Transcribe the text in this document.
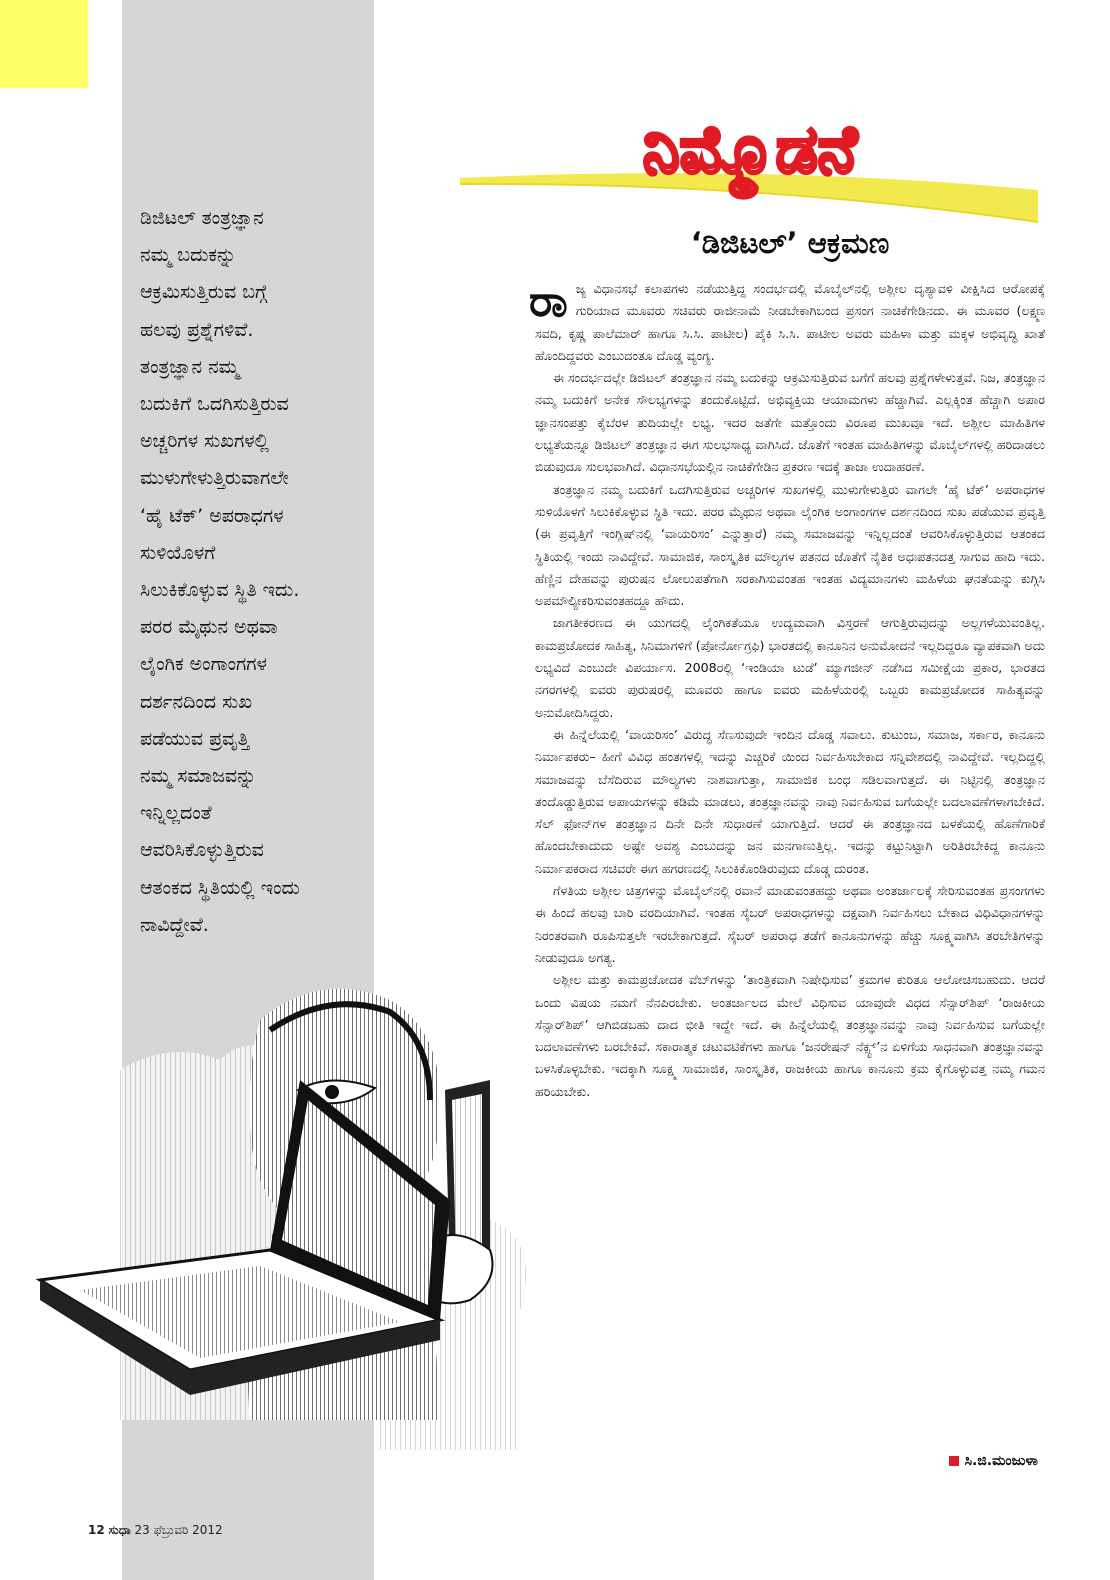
ಡಿಜಿಟಲ್ ತಂತ್ರಜ್ಞಾನ
ನಮ್ಮ ಬದುಕನ್ನು
ಆಕ್ರಮಿಸುತ್ತಿರುವ ಬಗ್ಗೆ
ಹಲವು ಪ್ರಶ್ನೆಗಳಿವೆ.
ತಂತ್ರಜ್ಞಾನ ನಮ್ಮ
ಬದುಕಿಗೆ ಒದಗಿಸುತ್ತಿರುವ
ಅಚ್ಚರಿಗಳ ಸುಖಗಳಲ್ಲಿ
ಮುಳುಗೇಳುತ್ತಿರುವಾಗಲೇ
‘ಹೈ ಟೆಕ್’ ಅಪರಾಧಗಳ
ಸುಳಿಯೊಳಗೆ
ಸಿಲುಕಿಕೊಳ್ಳುವ ಸ್ಥಿತಿ ಇದು.
ಪರರ ಮೈಥುನ ಅಥವಾ
ಲೈಂಗಿಕ ಅಂಗಾಂಗಗಳ
ದರ್ಶನದಿಂದ ಸುಖ
ಪಡೆಯುವ ಪ್ರವೃತ್ತಿ
ನಮ್ಮ ಸಮಾಜವನ್ನು
ಇನ್ನಿಲ್ಲದಂತೆ
ಆವರಿಸಿಕೊಳ್ಳುತ್ತಿರುವ
ಆತಂಕದ ಸ್ಥಿತಿಯಲ್ಲಿ ಇಂದು
ನಾವಿದ್ದೇವೆ.
ನಿಮ್ಮೊಡನೆ
‘ಡಿಜಿಟಲ್’ ಆಕ್ರಮಣ

ರಾಜ್ಯ ವಿಧಾನಸಭೆ ಕಲಾಪಗಳು ನಡೆಯುತ್ತಿದ್ದ ಸಂದರ್ಭದಲ್ಲಿ ಮೊಬೈಲ್‌ನಲ್ಲಿ ಅಶ್ಲೀಲ ದೃಶ್ಯಾವಳಿ ವೀಕ್ಷಿಸಿದ ಆರೋಪಕ್ಕೆ ಗುರಿಯಾದ ಮೂವರು ಸಚಿವರು ರಾಜೀನಾಮೆ ನೀಡಬೇಕಾಗಿಬಂದ ಪ್ರಸಂಗ ನಾಚಿಕೆಗೇಡಿನದು. ಈ ಮೂವರ (ಲಕ್ಷ್ಮಣ ಸವದಿ, ಕೃಷ್ಣ ಪಾಲೆಮಾರ್ ಹಾಗೂ ಸಿ.ಸಿ. ಪಾಟೀಲ) ಪೈಕಿ ಸಿ.ಸಿ. ಪಾಟೀಲ ಅವರು ಮಹಿಳಾ ಮತ್ತು ಮಕ್ಕಳ ಅಭಿವೃದ್ಧಿ ಖಾತೆ ಹೊಂದಿದ್ದವರು ಎಂಬುದಂತೂ ದೊಡ್ಡ ವ್ಯಂಗ್ಯ.

ಈ ಸಂದರ್ಭದಲ್ಲೇ ಡಿಜಿಟಲ್ ತಂತ್ರಜ್ಞಾನ ನಮ್ಮ ಬದುಕನ್ನು ಆಕ್ರಮಿಸುತ್ತಿರುವ ಬಗೆಗೆ ಹಲವು ಪ್ರಶ್ನೆಗಳೇಳುತ್ತವೆ. ನಿಜ, ತಂತ್ರಜ್ಞಾನ ನಮ್ಮ ಬದುಕಿಗೆ ಅನೇಕ ಸೌಲಭ್ಯಗಳನ್ನು ತಂದುಕೊಟ್ಟಿದೆ. ಅಭಿವ್ಯಕ್ತಿಯ ಆಯಾಮಗಳು ಹೆಚ್ಚಾಗಿವೆ. ಎಲ್ಲಕ್ಕಿಂತ ಹೆಚ್ಚಾಗಿ ಅಪಾರ ಜ್ಞಾನಸಂಪತ್ತು ಕೈಬೆರಳ ತುದಿಯಲ್ಲೇ ಲಭ್ಯ. ಇದರ ಜತೆಗೇ ಮತ್ತೊಂದು ವಿರೂಪ ಮುಖವೂ ಇದೆ. ಅಶ್ಲೀಲ ಮಾಹಿತಿಗಳ ಲಭ್ಯತೆಯನ್ನೂ ಡಿಜಿಟಲ್ ತಂತ್ರಜ್ಞಾನ ಈಗ ಸುಲಭಸಾಧ್ಯ ವಾಗಿಸಿದೆ. ಜೊತೆಗೆ ಇಂತಹ ಮಾಹಿತಿಗಳನ್ನು ಮೊಬೈಲ್‌ಗಳಲ್ಲಿ ಹರಿದಾಡಲು ಬಿಡುವುದೂ ಸುಲಭವಾಗಿದೆ. ವಿಧಾನಸಭೆಯಲ್ಲಿನ ನಾಚಿಕೆಗೇಡಿನ ಪ್ರಕರಣ ಇದಕ್ಕೆ ತಾಜಾ ಉದಾಹರಣೆ.

ತಂತ್ರಜ್ಞಾನ ನಮ್ಮ ಬದುಕಿಗೆ ಒದಗಿಸುತ್ತಿರುವ ಅಚ್ಚರಿಗಳ ಸುಖಗಳಲ್ಲಿ ಮುಳುಗೇಳುತ್ತಿರು ವಾಗಲೇ ‘ಹೈ ಟೆಕ್’ ಅಪರಾಧಗಳ ಸುಳಿಯೊಳಗೆ ಸಿಲುಕಿಕೊಳ್ಳುವ ಸ್ಥಿತಿ ಇದು. ಪರರ ಮೈಥುನ ಅಥವಾ ಲೈಂಗಿಕ ಅಂಗಾಂಗಗಳ ದರ್ಶನದಿಂದ ಸುಖ ಪಡೆಯುವ ಪ್ರವೃತ್ತಿ (ಈ ಪ್ರವೃತ್ತಿಗೆ ಇಂಗ್ಲಿಷ್‌ನಲ್ಲಿ ‘ವಾಯರಿಸಂ’ ಎನ್ನುತ್ತಾರೆ) ನಮ್ಮ ಸಮಾಜವನ್ನು ಇನ್ನಿಲ್ಲದಂತೆ ಆವರಿಸಿಕೊಳ್ಳುತ್ತಿರುವ ಆತಂಕದ ಸ್ಥಿತಿಯಲ್ಲಿ ಇಂದು ನಾವಿದ್ದೇವೆ. ಸಾಮಾಜಿಕ, ಸಾಂಸ್ಕೃತಿಕ ಮೌಲ್ಯಗಳ ಪತನದ ಜೊತೆಗೆ ನೈತಿಕ ಅಧಃಪತನದತ್ತ ಸಾಗುವ ಹಾದಿ ಇದು. ಹೆಣ್ಣಿನ ದೇಹವನ್ನು ಪುರುಷನ ಲೋಲುಪತೆಗಾಗಿ ಸರಕಾಗಿಸುವಂತಹ ಇಂತಹ ವಿದ್ಯಮಾನಗಳು ಮಹಿಳೆಯ ಘನತೆಯನ್ನು ಕುಗ್ಗಿಸಿ ಅಪಮೌಲ್ಯೀಕರಿಸುವಂತಹದ್ದೂ ಹೌದು.

ಜಾಗತೀಕರಣದ ಈ ಯುಗದಲ್ಲಿ ಲೈಂಗಿಕತೆಯೂ ಉದ್ಯಮವಾಗಿ ವಿಸ್ತರಣೆ ಆಗುತ್ತಿರುವುದನ್ನು ಅಲ್ಲಗಳೆಯುವಂತಿಲ್ಲ. ಕಾಮಪ್ರಚೋದಕ ಸಾಹಿತ್ಯ, ಸಿನಿಮಾಗಳಿಗೆ (ಪೋರ್ನೋಗ್ರಫಿ) ಭಾರತದಲ್ಲಿ ಕಾನೂನಿನ ಅನುಮೋದನೆ ಇಲ್ಲದಿದ್ದರೂ ವ್ಯಾಪಕವಾಗಿ ಅದು ಲಭ್ಯವಿದೆ ಎಂಬುದೇ ವಿಪರ್ಯಾಸ. 2008ರಲ್ಲಿ ‘ಇಂಡಿಯಾ ಟುಡೆ’ ಮ್ಯಾಗಜೀನ್ ನಡೆಸಿದ ಸಮೀಕ್ಷೆಯ ಪ್ರಕಾರ, ಭಾರತದ ನಗರಗಳಲ್ಲಿ ಐವರು ಪುರುಷರಲ್ಲಿ ಮೂವರು ಹಾಗೂ ಐವರು ಮಹಿಳೆಯರಲ್ಲಿ ಒಬ್ಬರು ಕಾಮಪ್ರಚೋದಕ ಸಾಹಿತ್ಯವನ್ನು ಅನುಮೋದಿಸಿದ್ದರು.

ಈ ಹಿನ್ನೆಲೆಯಲ್ಲಿ ‘ವಾಯರಿಸಂ’ ವಿರುದ್ಧ ಸೆಣಸುವುದೇ ಇಂದಿನ ದೊಡ್ಡ ಸವಾಲು. ಕುಟುಂಬ, ಸಮಾಜ, ಸರ್ಕಾರ, ಕಾನೂನು ನಿರ್ಮಾಪಕರು– ಹೀಗೆ ವಿವಿಧ ಹಂತಗಳಲ್ಲಿ ಇದನ್ನು ಎಚ್ಚರಿಕೆ ಯಿಂದ ನಿರ್ವಹಿಸಬೇಕಾದ ಸನ್ನಿವೇಶದಲ್ಲಿ ನಾವಿದ್ದೇವೆ. ಇಲ್ಲದಿದ್ದಲ್ಲಿ ಸಮಾಜವನ್ನು ಬೆಸೆದಿರುವ ಮೌಲ್ಯಗಳು ನಾಶವಾಗುತ್ತಾ, ಸಾಮಾಜಿಕ ಬಂಧ ಸಡಿಲವಾಗುತ್ತದೆ. ಈ ನಿಟ್ಟಿನಲ್ಲಿ ತಂತ್ರಜ್ಞಾನ ತಂದೊಡ್ಡುತ್ತಿರುವ ಅಪಾಯಗಳನ್ನು ಕಡಿಮೆ ಮಾಡಲು, ತಂತ್ರಜ್ಞಾನವನ್ನು ನಾವು ನಿರ್ವಹಿಸುವ ಬಗೆಯಲ್ಲೇ ಬದಲಾವಣೆಗಳಾಗಬೇಕಿದೆ. ಸೆಲ್ ಫೋನ್‌ಗಳ ತಂತ್ರಜ್ಞಾನ ದಿನೇ ದಿನೇ ಸುಧಾರಣೆ ಯಾಗುತ್ತಿದೆ. ಆದರೆ ಈ ತಂತ್ರಜ್ಞಾನದ ಬಳಕೆಯಲ್ಲಿ ಹೊಣೆಗಾರಿಕೆ ಹೊಂದಬೇಕಾದುದು ಅಷ್ಟೇ ಅವಶ್ಯ ಎಂಬುದನ್ನು ಜನ ಮನಗಾಣುತ್ತಿಲ್ಲ. ಇದನ್ನು ಕಟ್ಟುನಿಟ್ಟಾಗಿ ಅರಿತಿರಬೇಕಿದ್ದ ಕಾನೂನು ನಿರ್ಮಾಪಕರಾದ ಸಚಿವರೇ ಈಗ ಹಗರಣದಲ್ಲಿ ಸಿಲುಕಿಕೊಂಡಿರುವುದು ದೊಡ್ಡ ದುರಂತ.

ಗೆಳತಿಯ ಅಶ್ಲೀಲ ಚಿತ್ರಗಳನ್ನು ಮೊಬೈಲ್‌ನಲ್ಲಿ ರವಾನೆ ಮಾಡುವಂತಹದ್ದು ಅಥವಾ ಅಂತರ್ಜಾಲಕ್ಕೆ ಸೇರಿಸುವಂತಹ ಪ್ರಸಂಗಗಳು ಈ ಹಿಂದೆ ಹಲವು ಬಾರಿ ವರದಿಯಾಗಿವೆ. ಇಂತಹ ಸೈಬರ್ ಅಪರಾಧಗಳನ್ನು ದಕ್ಷವಾಗಿ ನಿರ್ವಹಿಸಲು ಬೇಕಾದ ವಿಧಿವಿಧಾನಗಳನ್ನು ನಿರಂತರವಾಗಿ ರೂಪಿಸುತ್ತಲೇ ಇರಬೇಕಾಗುತ್ತದೆ. ಸೈಬರ್ ಅಪರಾಧ ತಡೆಗೆ ಕಾನೂನುಗಳನ್ನು ಹೆಚ್ಚು ಸೂಕ್ಷ್ಮವಾಗಿಸಿ ತರಬೇತಿಗಳನ್ನು ನೀಡುವುದೂ ಅಗತ್ಯ.

ಅಶ್ಲೀಲ ಮತ್ತು ಕಾಮಪ್ರಚೋದಕ ವೆಬ್‌ಗಳನ್ನು ‘ತಾಂತ್ರಿಕವಾಗಿ ನಿಷೇಧಿಸುವ’ ಕ್ರಮಗಳ ಕುರಿತೂ ಆಲೋಚಿಸಬಹುದು. ಆದರೆ ಒಂದು ವಿಷಯ ನಮಗೆ ನೆನಪಿರಬೇಕು. ಅಂತರ್ಜಾಲದ ಮೇಲೆ ವಿಧಿಸುವ ಯಾವುದೇ ವಿಧದ ಸೆನ್ಸಾರ್‌ಶಿಪ್ ‘ರಾಜಕೀಯ ಸೆನ್ಸಾರ್‌ಶಿಪ್’ ಆಗಿಬಿಡಬಹು ದಾದ ಭೀತಿ ಇದ್ದೇ ಇದೆ. ಈ ಹಿನ್ನೆಲೆಯಲ್ಲಿ ತಂತ್ರಜ್ಞಾನವನ್ನು ನಾವು ನಿರ್ವಹಿಸುವ ಬಗೆಯಲ್ಲೇ ಬದಲಾವಣೆಗಳು ಬರಬೇಕಿವೆ. ಸಕಾರಾತ್ಮಕ ಚಟುವಟಿಕೆಗಳು ಹಾಗೂ ‘ಜನರೇಷನ್ ನೆಕ್ಸ್ಟ್’ನ ಏಳಿಗೆಯ ಸಾಧನವಾಗಿ ತಂತ್ರಜ್ಞಾನವನ್ನು ಬಳಸಿಕೊಳ್ಳಬೇಕು. ಇದಕ್ಕಾಗಿ ಸೂಕ್ಷ್ಮ ಸಾಮಾಜಿಕ, ಸಾಂಸ್ಕೃತಿಕ, ರಾಜಕೀಯ ಹಾಗೂ ಕಾನೂನು ಕ್ರಮ ಕೈಗೊಳ್ಳುವತ್ತ ನಮ್ಮ ಗಮನ ಹರಿಯಬೇಕು.

ಸಿ.ಜಿ.ಮಂಜುಳಾ
12 ಸುಧಾ 23 ಫೆಬ್ರುವರಿ 2012
